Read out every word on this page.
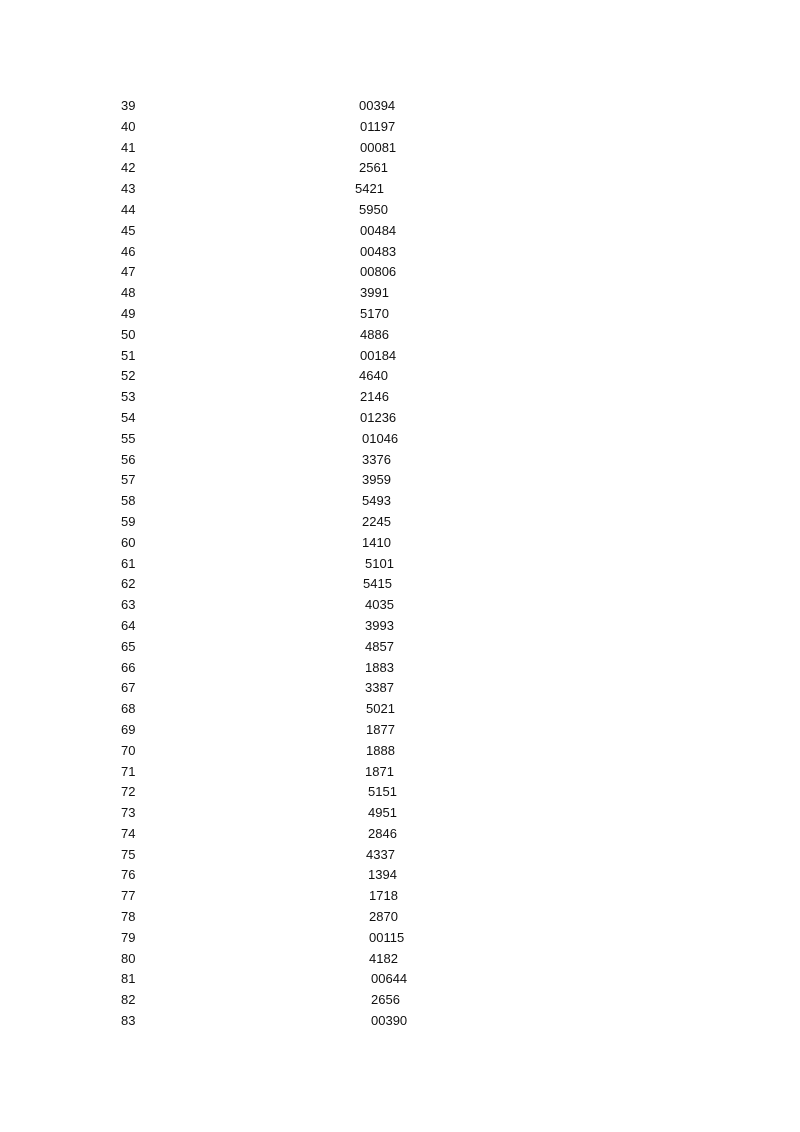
39	00394
40	01197
41	00081
42	2561
43	5421
44	5950
45	00484
46	00483
47	00806
48	3991
49	5170
50	4886
51	00184
52	4640
53	2146
54	01236
55	01046
56	3376
57	3959
58	5493
59	2245
60	1410
61	5101
62	5415
63	4035
64	3993
65	4857
66	1883
67	3387
68	5021
69	1877
70	1888
71	1871
72	5151
73	4951
74	2846
75	4337
76	1394
77	1718
78	2870
79	00115
80	4182
81	00644
82	2656
83	00390
